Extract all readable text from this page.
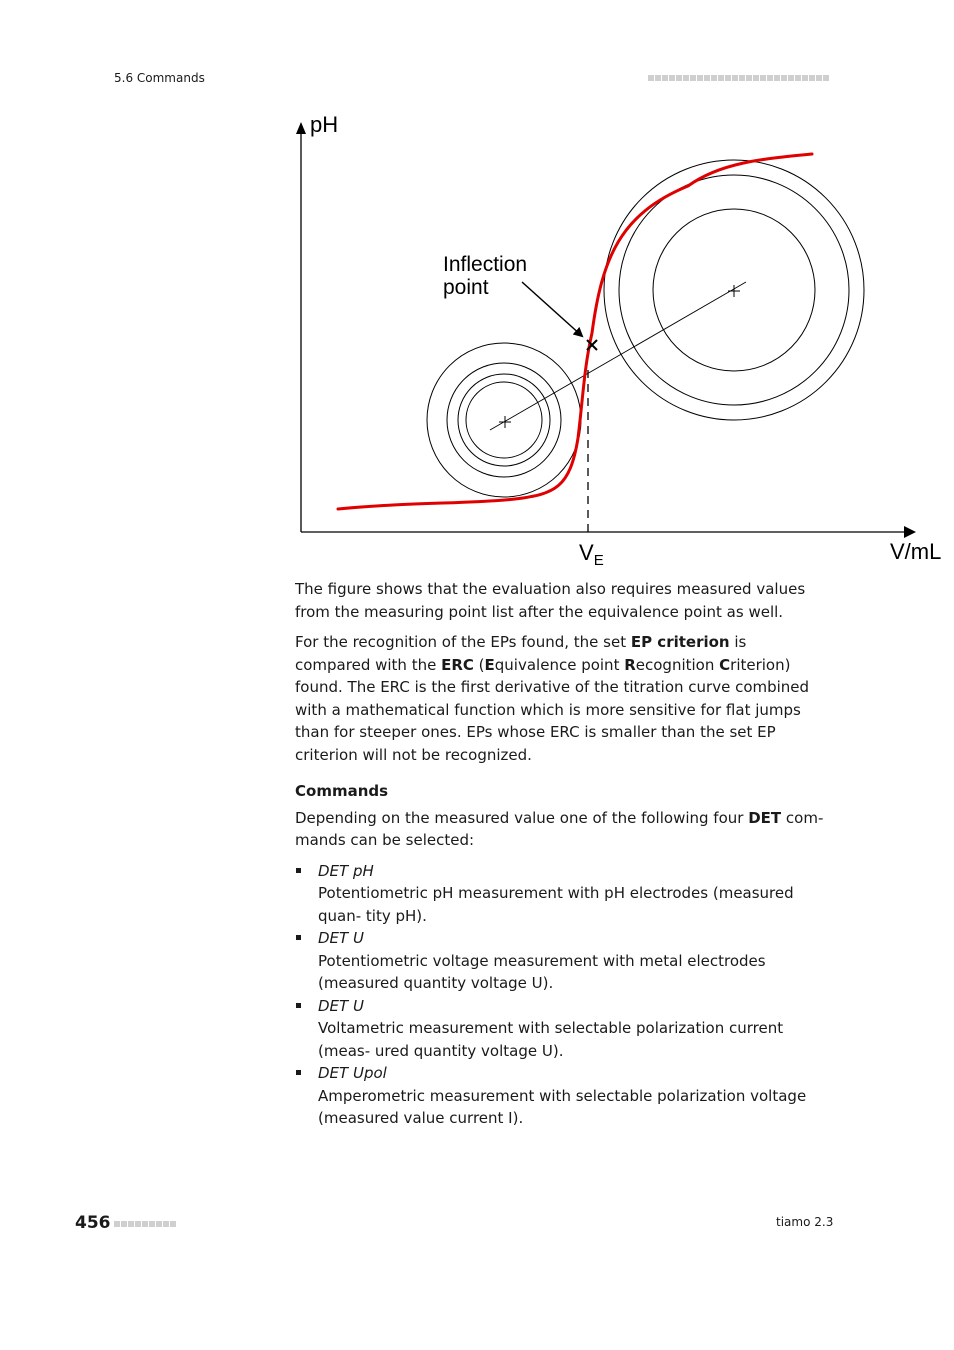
5.6 Commands
pH
V/mL
$V_E$
Inflection
point

The figure shows that the evaluation also requires measured values from the measuring point list after the equivalence point as well.

For the recognition of the EPs found, the set EP criterion is compared with the ERC (Equivalence point Recognition Criterion) found. The ERC is the first derivative of the titration curve combined with a mathematical function which is more sensitive for flat jumps than for steeper ones. EPs whose ERC is smaller than the set EP criterion will not be recognized.

Commands

Depending on the measured value one of the following four DET com- mands can be selected:

DET pH
Potentiometric pH measurement with pH electrodes (measured quan- tity pH).
DET U
Potentiometric voltage measurement with metal electrodes (measured quantity voltage U).
DET U
Voltametric measurement with selectable polarization current (meas- ured quantity voltage U).
DET Upol
Amperometric measurement with selectable polarization voltage (measured value current I).
456	tiamo 2.3
